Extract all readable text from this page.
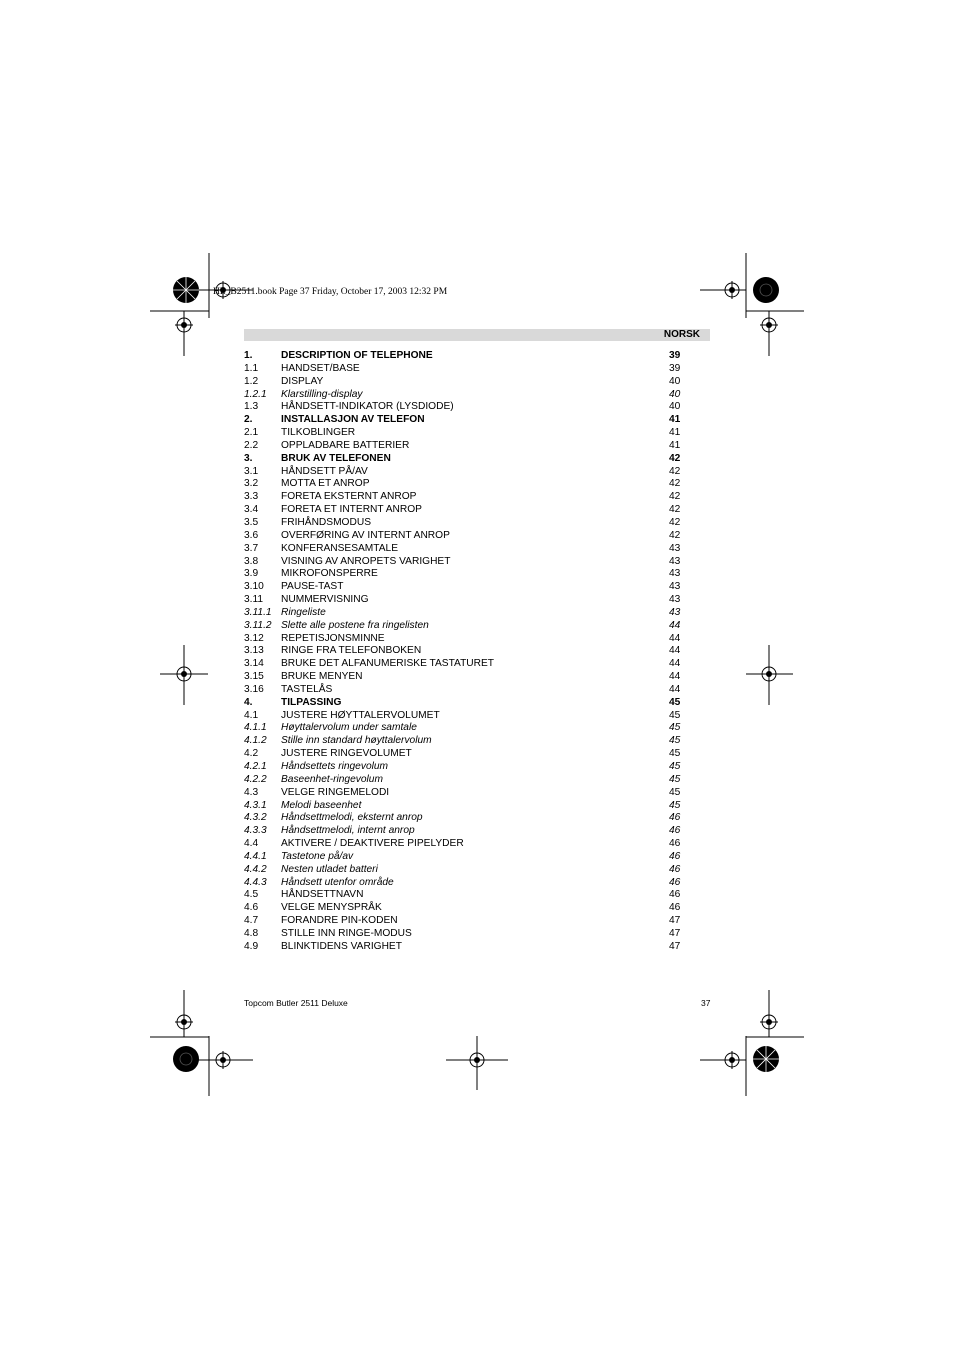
HL_B2511.book Page 37 Friday, October 17, 2003 12:32 PM
NORSK
1.	DESCRIPTION OF TELEPHONE	39
1.1 HANDSET/BASE	39
1.2 DISPLAY	40
1.2.1 Klarstilling-display	40
1.3 HÅNDSETT-INDIKATOR (LYSDIODE)	40
2.	INSTALLASJON AV TELEFON	41
2.1 TILKOBLINGER	41
2.2 OPPLADBARE BATTERIER	41
3.	BRUK AV TELEFONEN	42
3.1 HÅNDSETT PÅ/AV	42
3.2 MOTTA ET ANROP	42
3.3 FORETA EKSTERNT ANROP	42
3.4 FORETA ET INTERNT ANROP	42
3.5 FRIHÅNDSMODUS	42
3.6 OVERFØRING AV INTERNT ANROP	42
3.7 KONFERANSESAMTALE	43
3.8 VISNING AV ANROPETS VARIGHET	43
3.9 MIKROFONSPERRE	43
3.10 PAUSE-TAST	43
3.11 NUMMERVISNING	43
3.11.1 Ringeliste	43
3.11.2 Slette alle postene fra ringelisten	44
3.12 REPETISJONSMINNE	44
3.13 RINGE FRA TELEFONBOKEN	44
3.14 BRUKE DET ALFANUMERISKE TASTATURET	44
3.15 BRUKE MENYEN	44
3.16 TASTELÅS	44
4.	TILPASSING	45
4.1 JUSTERE HØYTTALERVOLUMET	45
4.1.1 Høyttalervolum under samtale	45
4.1.2 Stille inn standard høyttalervolum	45
4.2 JUSTERE RINGEVOLUMET	45
4.2.1 Håndsettets ringevolum	45
4.2.2 Baseenhet-ringevolum	45
4.3 VELGE RINGEMELODI	45
4.3.1 Melodi baseenhet	45
4.3.2 Håndsettmelodi, eksternt anrop	46
4.3.3 Håndsettmelodi, internt anrop	46
4.4 AKTIVERE / DEAKTIVERE PIPELYDER	46
4.4.1 Tastetone på/av	46
4.4.2 Nesten utladet batteri	46
4.4.3 Håndsett utenfor område	46
4.5 HÅNDSETTNAVN	46
4.6 VELGE MENYSPRÅK	46
4.7 FORANDRE PIN-KODEN	47
4.8 STILLE INN RINGE-MODUS	47
4.9 BLINKTIDENS VARIGHET	47
Topcom Butler 2511 Deluxe	37
